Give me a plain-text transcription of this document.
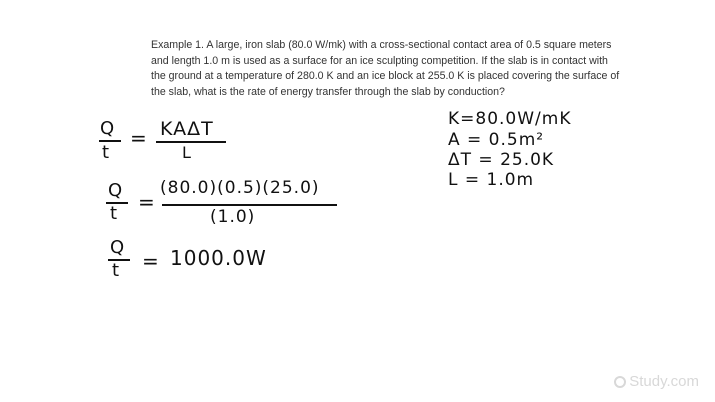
Example 1. A large, iron slab (80.0 W/mk) with a cross-sectional contact area of 0.5 square meters and length 1.0 m is used as a surface for an ice sculpting competition. If the slab is in contact with the ground at a temperature of 280.0 K and an ice block at 255.0 K is placed covering the surface of the slab, what is the rate of energy transfer through the slab by conduction?
Q
t
= KAΔT
L
Q
t =
(80.0)(0.5)(25.0)
(1.0)
Q
t = 1000.0W
K=80.0W/mK
A = 0.5m²
ΔT = 25.0K
L = 1.0m
Study.com
